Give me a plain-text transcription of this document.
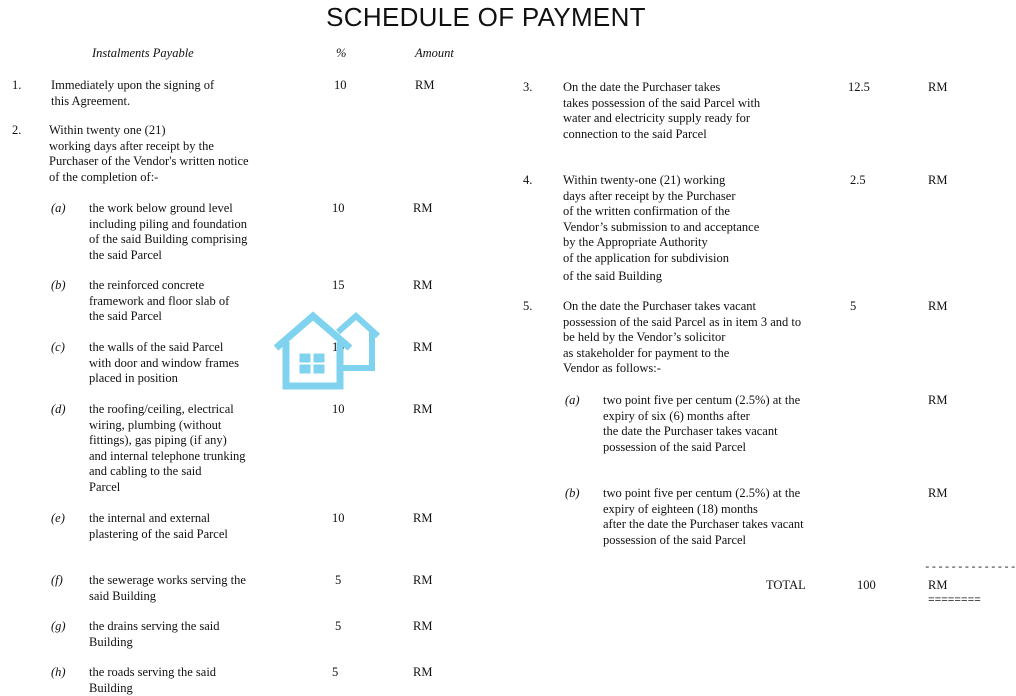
SCHEDULE OF PAYMENT
Instalments Payable	%	Amount
1. Immediately upon the signing of
this Agreement.
10	RM
2. Within twenty one (21)
working days after receipt by the
Purchaser of the Vendor's written notice
of the completion of:-
(a) the work below ground level
including piling and foundation
of the said Building comprising
the said Parcel
10	RM
(b) the reinforced concrete
framework and floor slab of
the said Parcel
15	RM
(c) the walls of the said Parcel
with door and window frames
placed in position
10	RM
(d) the roofing/ceiling, electrical
wiring, plumbing (without
fittings), gas piping (if any)
and internal telephone trunking
and cabling to the said
Parcel
10	RM
(e) the internal and external
plastering of the said Parcel
10	RM
(f) the sewerage works serving the
said Building
5	RM
(g) the drains serving the said
Building
5	RM
(h) the roads serving the said
Building
5	RM
3. On the date the Purchaser takes
takes possession of the said Parcel with
water and electricity supply ready for
connection to the said Parcel
12.5	RM
4. Within twenty-one (21) working
days after receipt by the Purchaser
of the written confirmation of the
Vendor’s submission to and acceptance
by the Appropriate Authority
of the application for subdivision
of the said Building
2.5	RM
5. On the date the Purchaser takes vacant
possession of the said Parcel as in item 3 and to
be held by the Vendor’s solicitor
as stakeholder for payment to the
Vendor as follows:-
5	RM
(a) two point five per centum (2.5%) at the
expiry of six (6) months after
the date the Purchaser takes vacant
possession of the said Parcel
RM
(b) two point five per centum (2.5%) at the
expiry of eighteen (18) months
after the date the Purchaser takes vacant
possession of the said Parcel
RM
--------------
TOTAL	100	RM
========
